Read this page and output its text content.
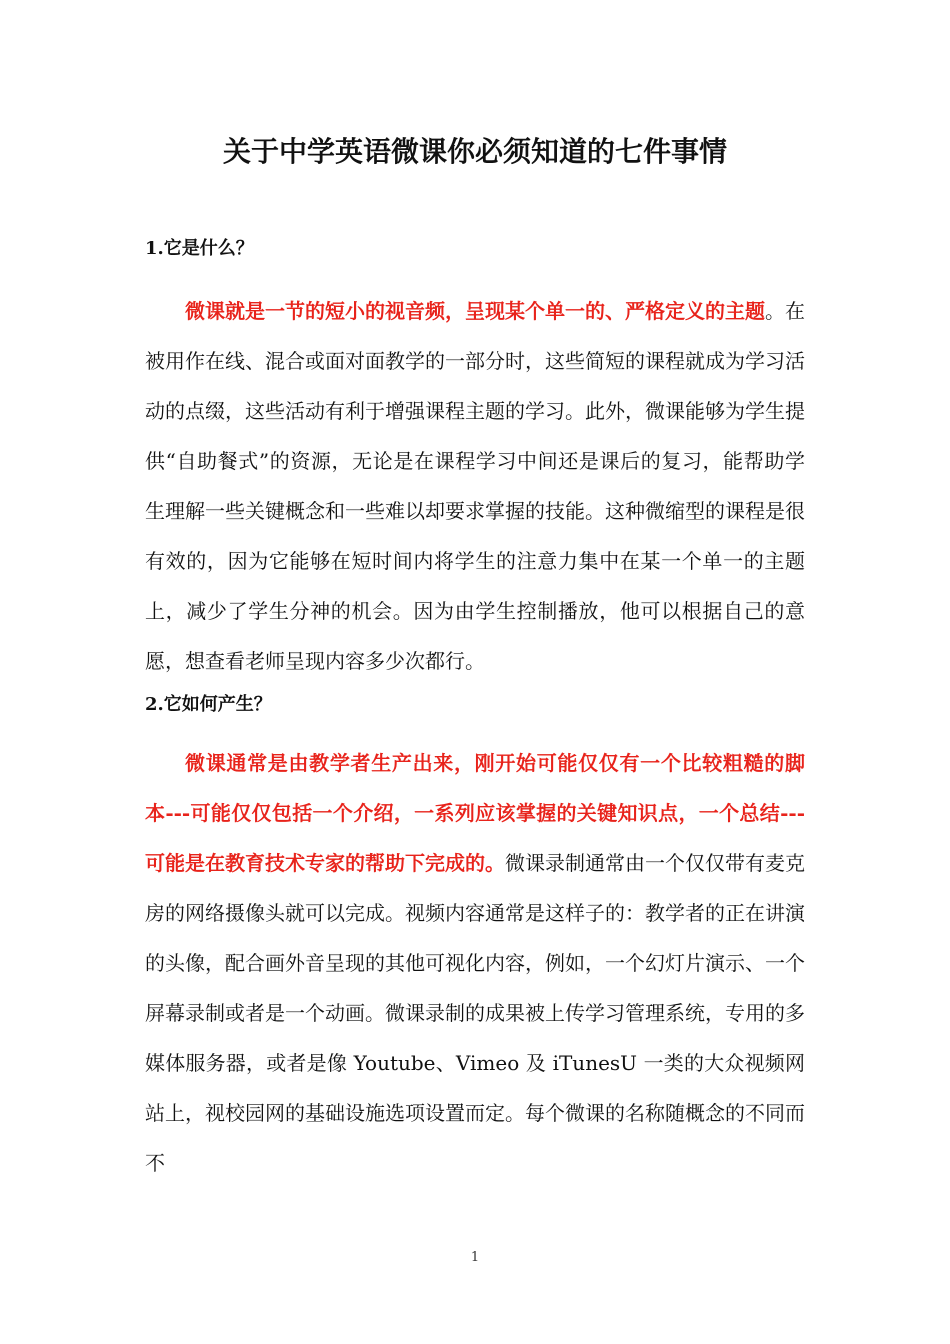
关于中学英语微课你必须知道的七件事情
1.它是什么？

微课就是一节的短小的视音频，呈现某个单一的、严格定义的主题。在被用作在线、混合或面对面教学的一部分时，这些简短的课程就成为学习活动的点缀，这些活动有利于增强课程主题的学习。此外，微课能够为学生提供“自助餐式”的资源，无论是在课程学习中间还是课后的复习，能帮助学生理解一些关键概念和一些难以却要求掌握的技能。这种微缩型的课程是很有效的，因为它能够在短时间内将学生的注意力集中在某一个单一的主题上，减少了学生分神的机会。因为由学生控制播放，他可以根据自己的意愿，想查看老师呈现内容多少次都行。

2.它如何产生？

微课通常是由教学者生产出来，刚开始可能仅仅有一个比较粗糙的脚本---可能仅仅包括一个介绍，一系列应该掌握的关键知识点，一个总结---可能是在教育技术专家的帮助下完成的。微课录制通常由一个仅仅带有麦克房的网络摄像头就可以完成。视频内容通常是这样子的：教学者的正在讲演的头像，配合画外音呈现的其他可视化内容，例如，一个幻灯片演示、一个屏幕录制或者是一个动画。微课录制的成果被上传学习管理系统，专用的多媒体服务器，或者是像 Youtube、Vimeo 及 iTunesU 一类的大众视频网站上，视校园网的基础设施选项设置而定。每个微课的名称随概念的不同而不

1
